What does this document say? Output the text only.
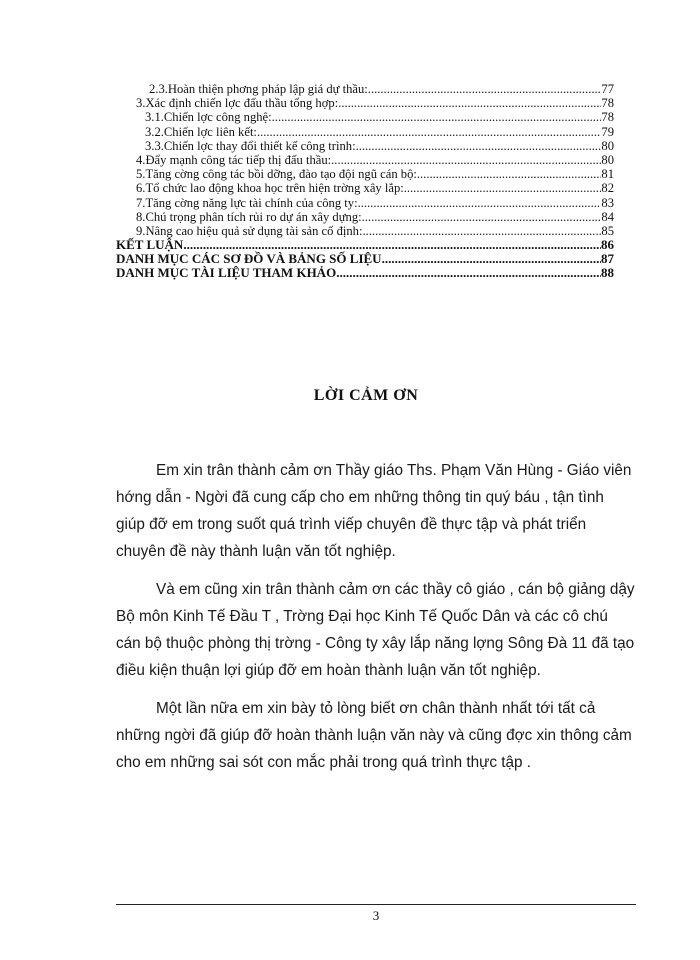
2.3.Hoàn thiện phơng pháp lập giá dự thầu: .....	77
3.Xác định chiến lợc đấu thầu tổng hợp: .....	78
3.1.Chiến lợc công nghệ: .....	78
3.2.Chiến lợc liên kết: .....	79
3.3.Chiến lợc thay đổi thiết kế công trình: .....	80
4.Đẩy mạnh công tác tiếp thị đấu thầu: .....	80
5.Tăng cờng công tác bồi dỡng, đào tạo đội ngũ cán bộ: .....	81
6.Tổ chức lao động khoa học trên hiện trờng xây lắp: .....	82
7.Tăng cờng năng lực tài chính của công ty: .....	83
8.Chú trọng phân tích rủi ro dự án xây dựng: .....	84
9.Nâng cao hiệu quả sử dụng tài sản cố định: .....	85
KẾT LUẬN .....	86
DANH MỤC CÁC SƠ ĐỒ VÀ BẢNG SỐ LIỆU .....	87
DANH MỤC TÀI LIỆU THAM KHẢO .....	88
LỜI CẢM ƠN

Em xin trân thành cảm ơn Thầy giáo Ths. Phạm Văn Hùng - Giáo viên hớng dẫn - Ngời đã cung cấp cho em những thông tin quý báu , tận tình giúp đỡ em trong suốt quá trình viếp chuyên đề thực tập và phát triển chuyên đề này thành luận văn tốt nghiệp.

Và em cũng xin trân thành cảm ơn các thầy cô giáo , cán bộ giảng dậy Bộ môn Kinh Tế Đầu T , Trờng Đại học Kinh Tế Quốc Dân và các cô chú cán bộ thuộc phòng thị trờng - Công ty xây lắp năng lợng Sông Đà 11 đã tạo điều kiện thuận lợi giúp đỡ em hoàn thành luận văn tốt nghiệp.

Một lần nữa em xin bày tỏ lòng biết ơn chân thành nhất tới tất cả những ngời đã giúp đỡ hoàn thành luận văn này và cũng đợc xin thông cảm cho em những sai sót con mắc phải trong quá trình thực tập .

3
